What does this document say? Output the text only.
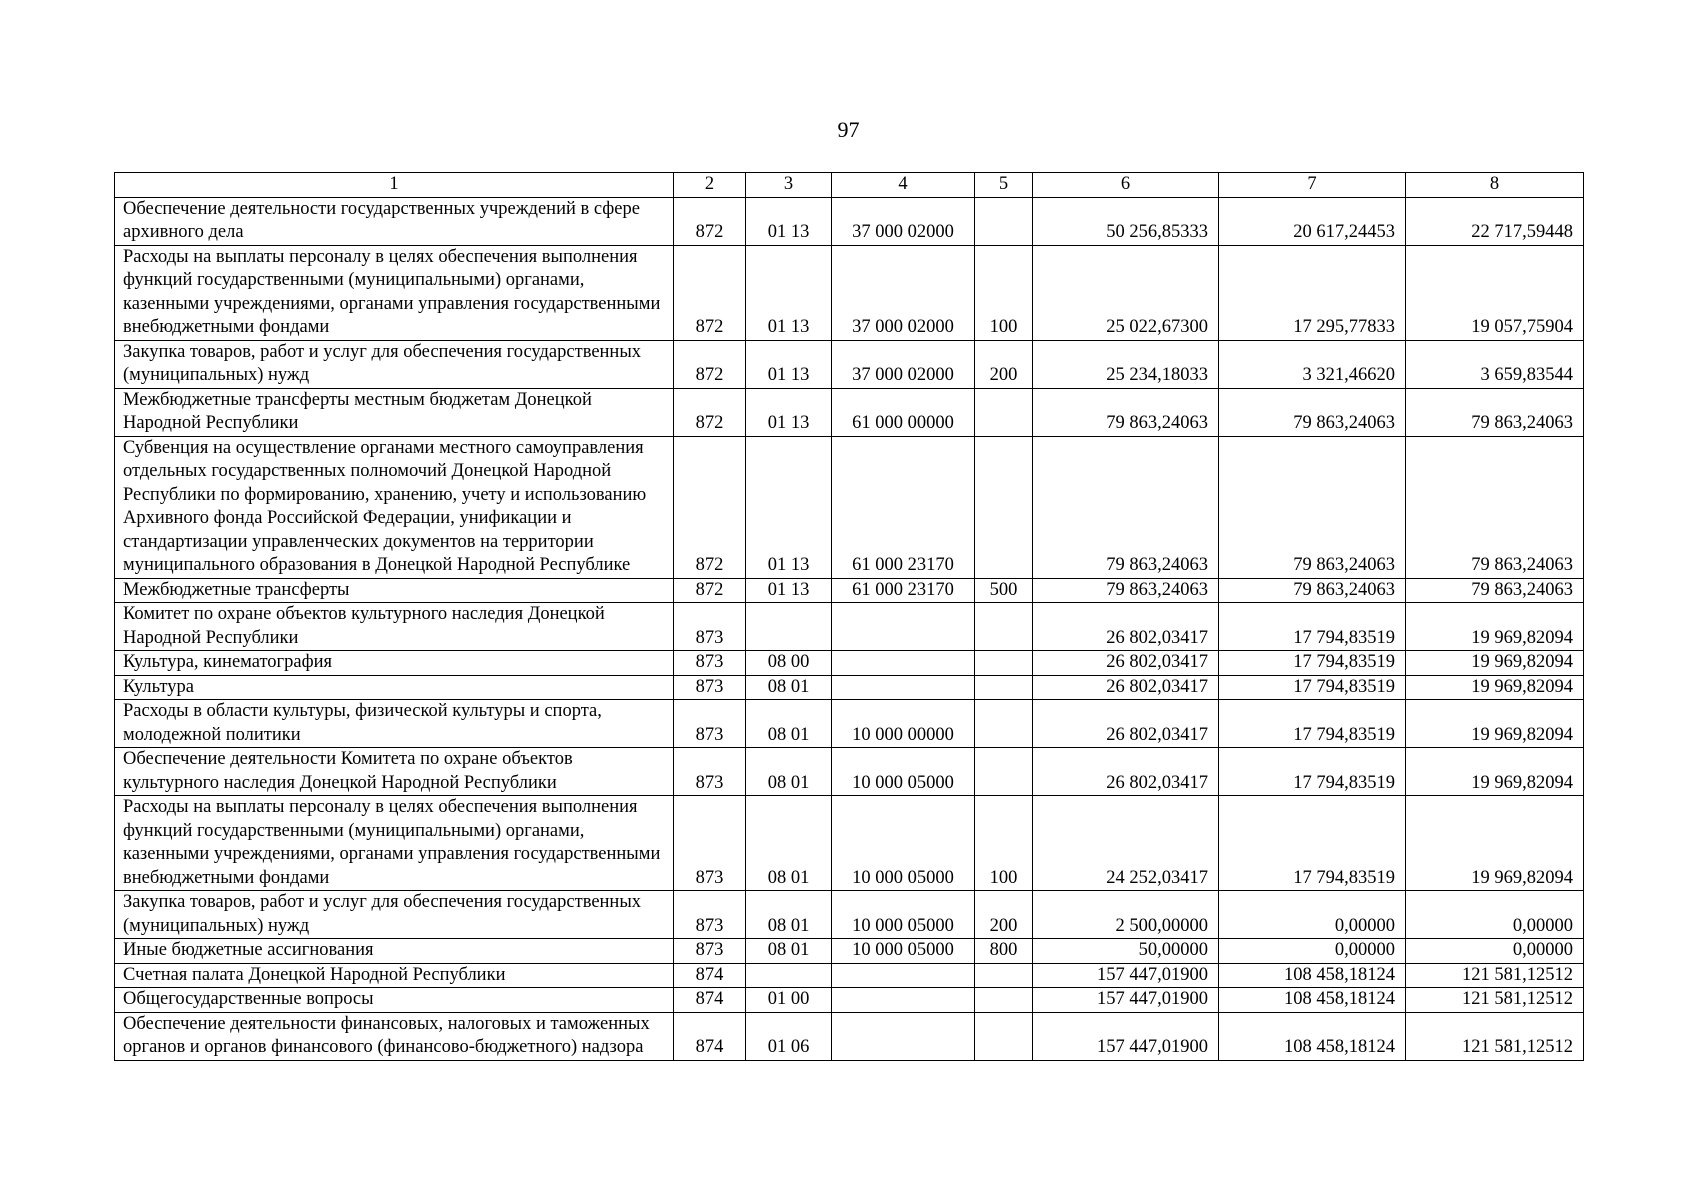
97
1	2	3	4	5	6	7	8
Обеспечение деятельности государственных учреждений в сфере архивного дела	872	01 13	37 000 02000		50 256,85333	20 617,24453	22 717,59448
Расходы на выплаты персоналу в целях обеспечения выполнения функций государственными (муниципальными) органами, казенными учреждениями, органами управления государственными внебюджетными фондами	872	01 13	37 000 02000	100	25 022,67300	17 295,77833	19 057,75904
Закупка товаров, работ и услуг для обеспечения государственных (муниципальных) нужд	872	01 13	37 000 02000	200	25 234,18033	3 321,46620	3 659,83544
Межбюджетные трансферты местным бюджетам Донецкой Народной Республики	872	01 13	61 000 00000		79 863,24063	79 863,24063	79 863,24063
Субвенция на осуществление органами местного самоуправления отдельных государственных полномочий Донецкой Народной Республики по формированию, хранению, учету и использованию Архивного фонда Российской Федерации, унификации и стандартизации управленческих документов на территории муниципального образования в Донецкой Народной Республике	872	01 13	61 000 23170		79 863,24063	79 863,24063	79 863,24063
Межбюджетные трансферты	872	01 13	61 000 23170	500	79 863,24063	79 863,24063	79 863,24063
Комитет по охране объектов культурного наследия Донецкой Народной Республики	873				26 802,03417	17 794,83519	19 969,82094
Культура, кинематография	873	08 00			26 802,03417	17 794,83519	19 969,82094
Культура	873	08 01			26 802,03417	17 794,83519	19 969,82094
Расходы в области культуры, физической культуры и спорта, молодежной политики	873	08 01	10 000 00000		26 802,03417	17 794,83519	19 969,82094
Обеспечение деятельности Комитета по охране объектов культурного наследия Донецкой Народной Республики	873	08 01	10 000 05000		26 802,03417	17 794,83519	19 969,82094
Расходы на выплаты персоналу в целях обеспечения выполнения функций государственными (муниципальными) органами, казенными учреждениями, органами управления государственными внебюджетными фондами	873	08 01	10 000 05000	100	24 252,03417	17 794,83519	19 969,82094
Закупка товаров, работ и услуг для обеспечения государственных (муниципальных) нужд	873	08 01	10 000 05000	200	2 500,00000	0,00000	0,00000
Иные бюджетные ассигнования	873	08 01	10 000 05000	800	50,00000	0,00000	0,00000
Счетная палата Донецкой Народной Республики	874				157 447,01900	108 458,18124	121 581,12512
Общегосударственные вопросы	874	01 00			157 447,01900	108 458,18124	121 581,12512
Обеспечение деятельности финансовых, налоговых и таможенных органов и органов финансового (финансово-бюджетного) надзора	874	01 06			157 447,01900	108 458,18124	121 581,12512
